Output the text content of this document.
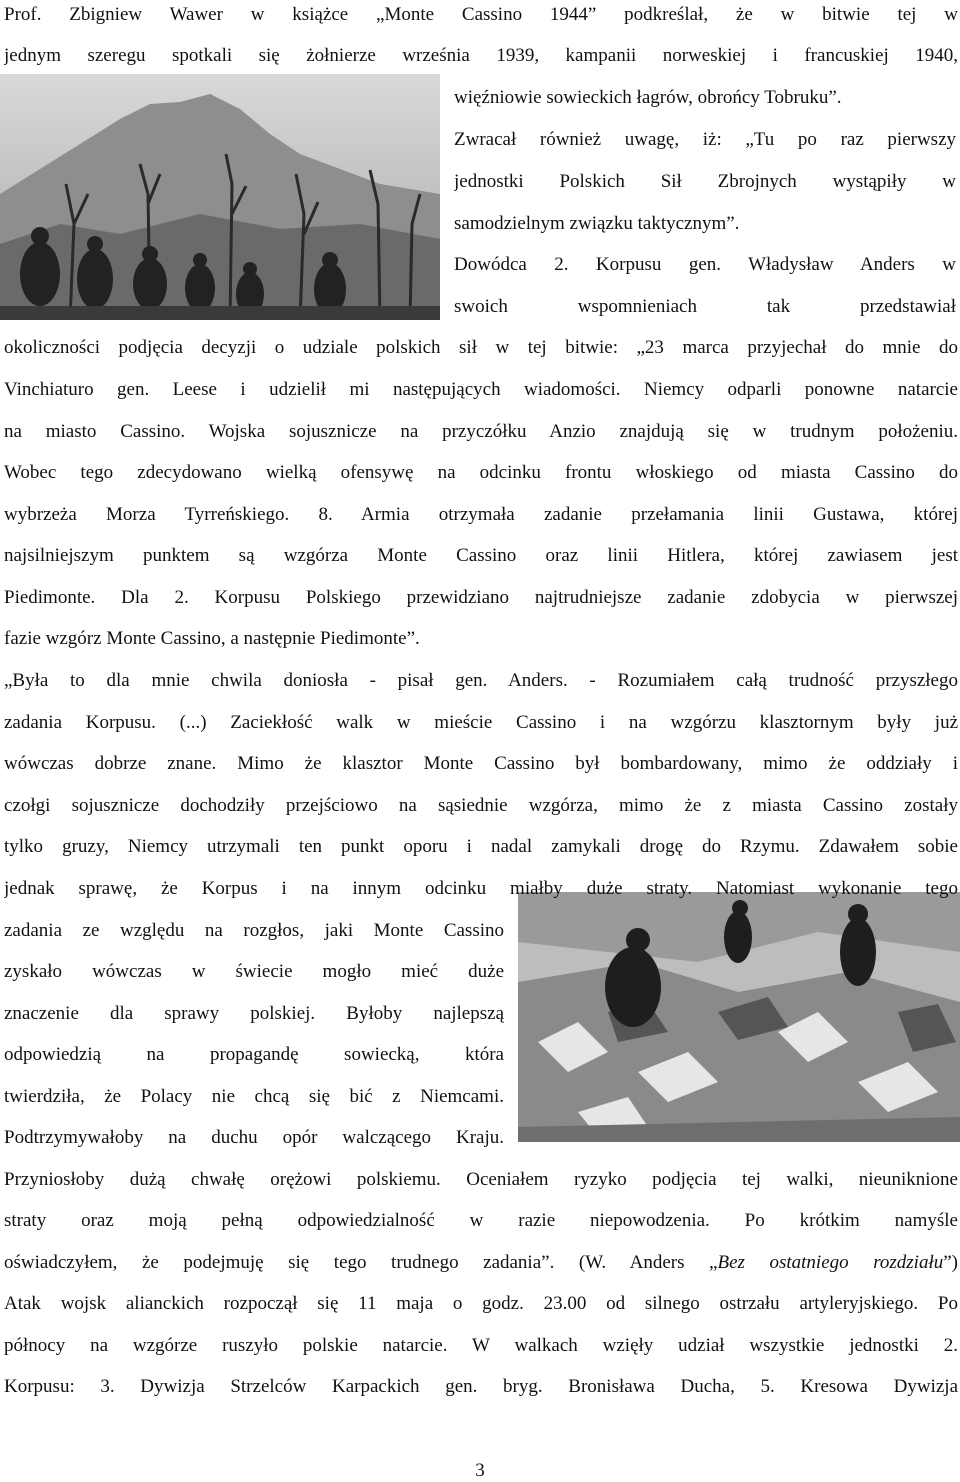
Prof. Zbigniew Wawer w książce „Monte Cassino 1944” podkreślał, że w bitwie tej w
jednym szeregu spotkali się żołnierze września 1939, kampanii norweskiej i francuskiej 1940,
więźniowie sowieckich łagrów, obrońcy Tobruku”.
Zwracał również uwagę, iż: „Tu po raz pierwszy
jednostki Polskich Sił Zbrojnych wystąpiły w
samodzielnym związku taktycznym”.
Dowódca 2. Korpusu gen. Władysław Anders w
swoich wspomnieniach tak przedstawiał
okoliczności podjęcia decyzji o udziale polskich sił w tej bitwie: „23 marca przyjechał do mnie do
Vinchiaturo gen. Leese i udzielił mi następujących wiadomości. Niemcy odparli ponowne natarcie
na miasto Cassino. Wojska sojusznicze na przyczółku Anzio znajdują się w trudnym położeniu.
Wobec tego zdecydowano wielką ofensywę na odcinku frontu włoskiego od miasta Cassino do
wybrzeża Morza Tyrreńskiego. 8. Armia otrzymała zadanie przełamania linii Gustawa, której
najsilniejszym punktem są wzgórza Monte Cassino oraz linii Hitlera, której zawiasem jest
Piedimonte. Dla 2. Korpusu Polskiego przewidziano najtrudniejsze zadanie zdobycia w pierwszej
fazie wzgórz Monte Cassino, a następnie Piedimonte”.
„Była to dla mnie chwila doniosła - pisał gen. Anders. - Rozumiałem całą trudność przyszłego
zadania Korpusu. (...) Zaciekłość walk w mieście Cassino i na wzgórzu klasztornym były już
wówczas dobrze znane. Mimo że klasztor Monte Cassino był bombardowany, mimo że oddziały i
czołgi sojusznicze dochodziły przejściowo na sąsiednie wzgórza, mimo że z miasta Cassino zostały
tylko gruzy, Niemcy utrzymali ten punkt oporu i nadal zamykali drogę do Rzymu. Zdawałem sobie
jednak sprawę, że Korpus i na innym odcinku miałby duże straty. Natomiast wykonanie tego
zadania ze względu na rozgłos, jaki Monte Cassino
zyskało wówczas w świecie mogło mieć duże
znaczenie dla sprawy polskiej. Byłoby najlepszą
odpowiedzią na propagandę sowiecką, która
twierdziła, że Polacy nie chcą się bić z Niemcami.
Podtrzymywałoby na duchu opór walczącego Kraju.
Przyniosłoby dużą chwałę orężowi polskiemu. Oceniałem ryzyko podjęcia tej walki, nieuniknione
straty oraz moją pełną odpowiedzialność w razie niepowodzenia. Po krótkim namyśle
oświadczyłem, że podejmuję się tego trudnego zadania”. (W. Anders „Bez ostatniego rozdziału”)
Atak wojsk alianckich rozpoczął się 11 maja o godz. 23.00 od silnego ostrzału artyleryjskiego. Po
północy na wzgórze ruszyło polskie natarcie. W walkach wzięły udział wszystkie jednostki 2.
Korpusu: 3. Dywizja Strzelców Karpackich gen. bryg. Bronisława Ducha, 5. Kresowa Dywizja
3
